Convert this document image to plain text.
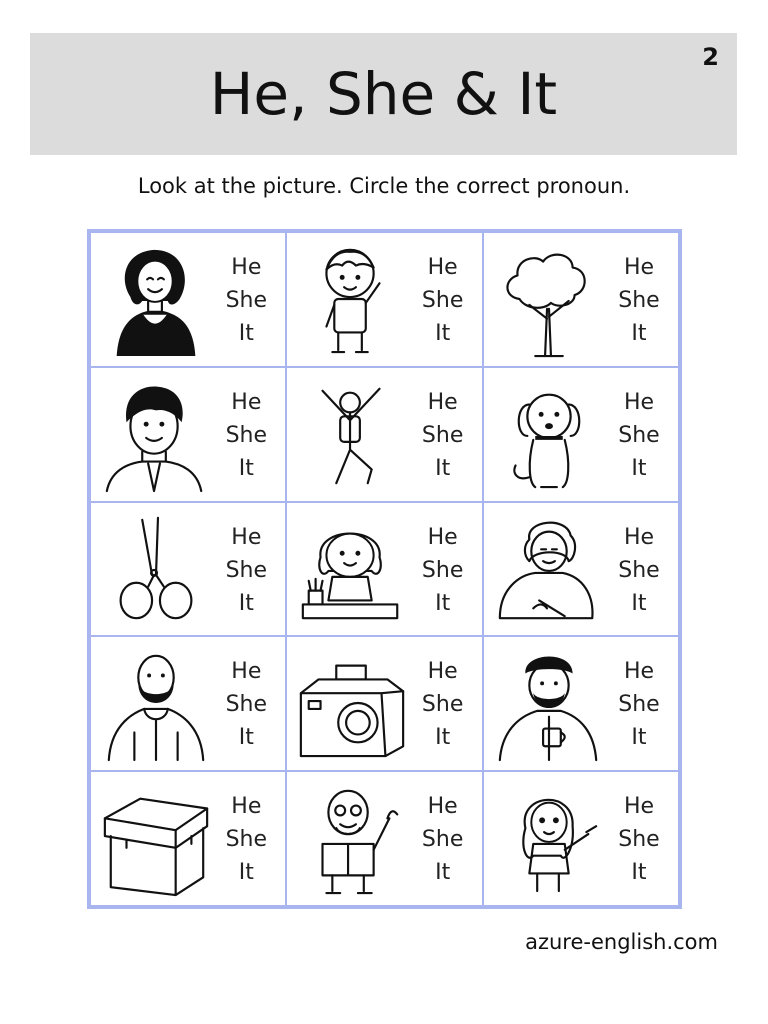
He, She & It
2
Look at the picture. Circle the correct pronoun.
He
She
It
He
She
It
He
She
It
He
She
It
He
She
It
He
She
It
He
She
It
He
She
It
He
She
It
He
She
It
He
She
It
He
She
It
He
She
It
He
She
It
He
She
It
azure-english.com
